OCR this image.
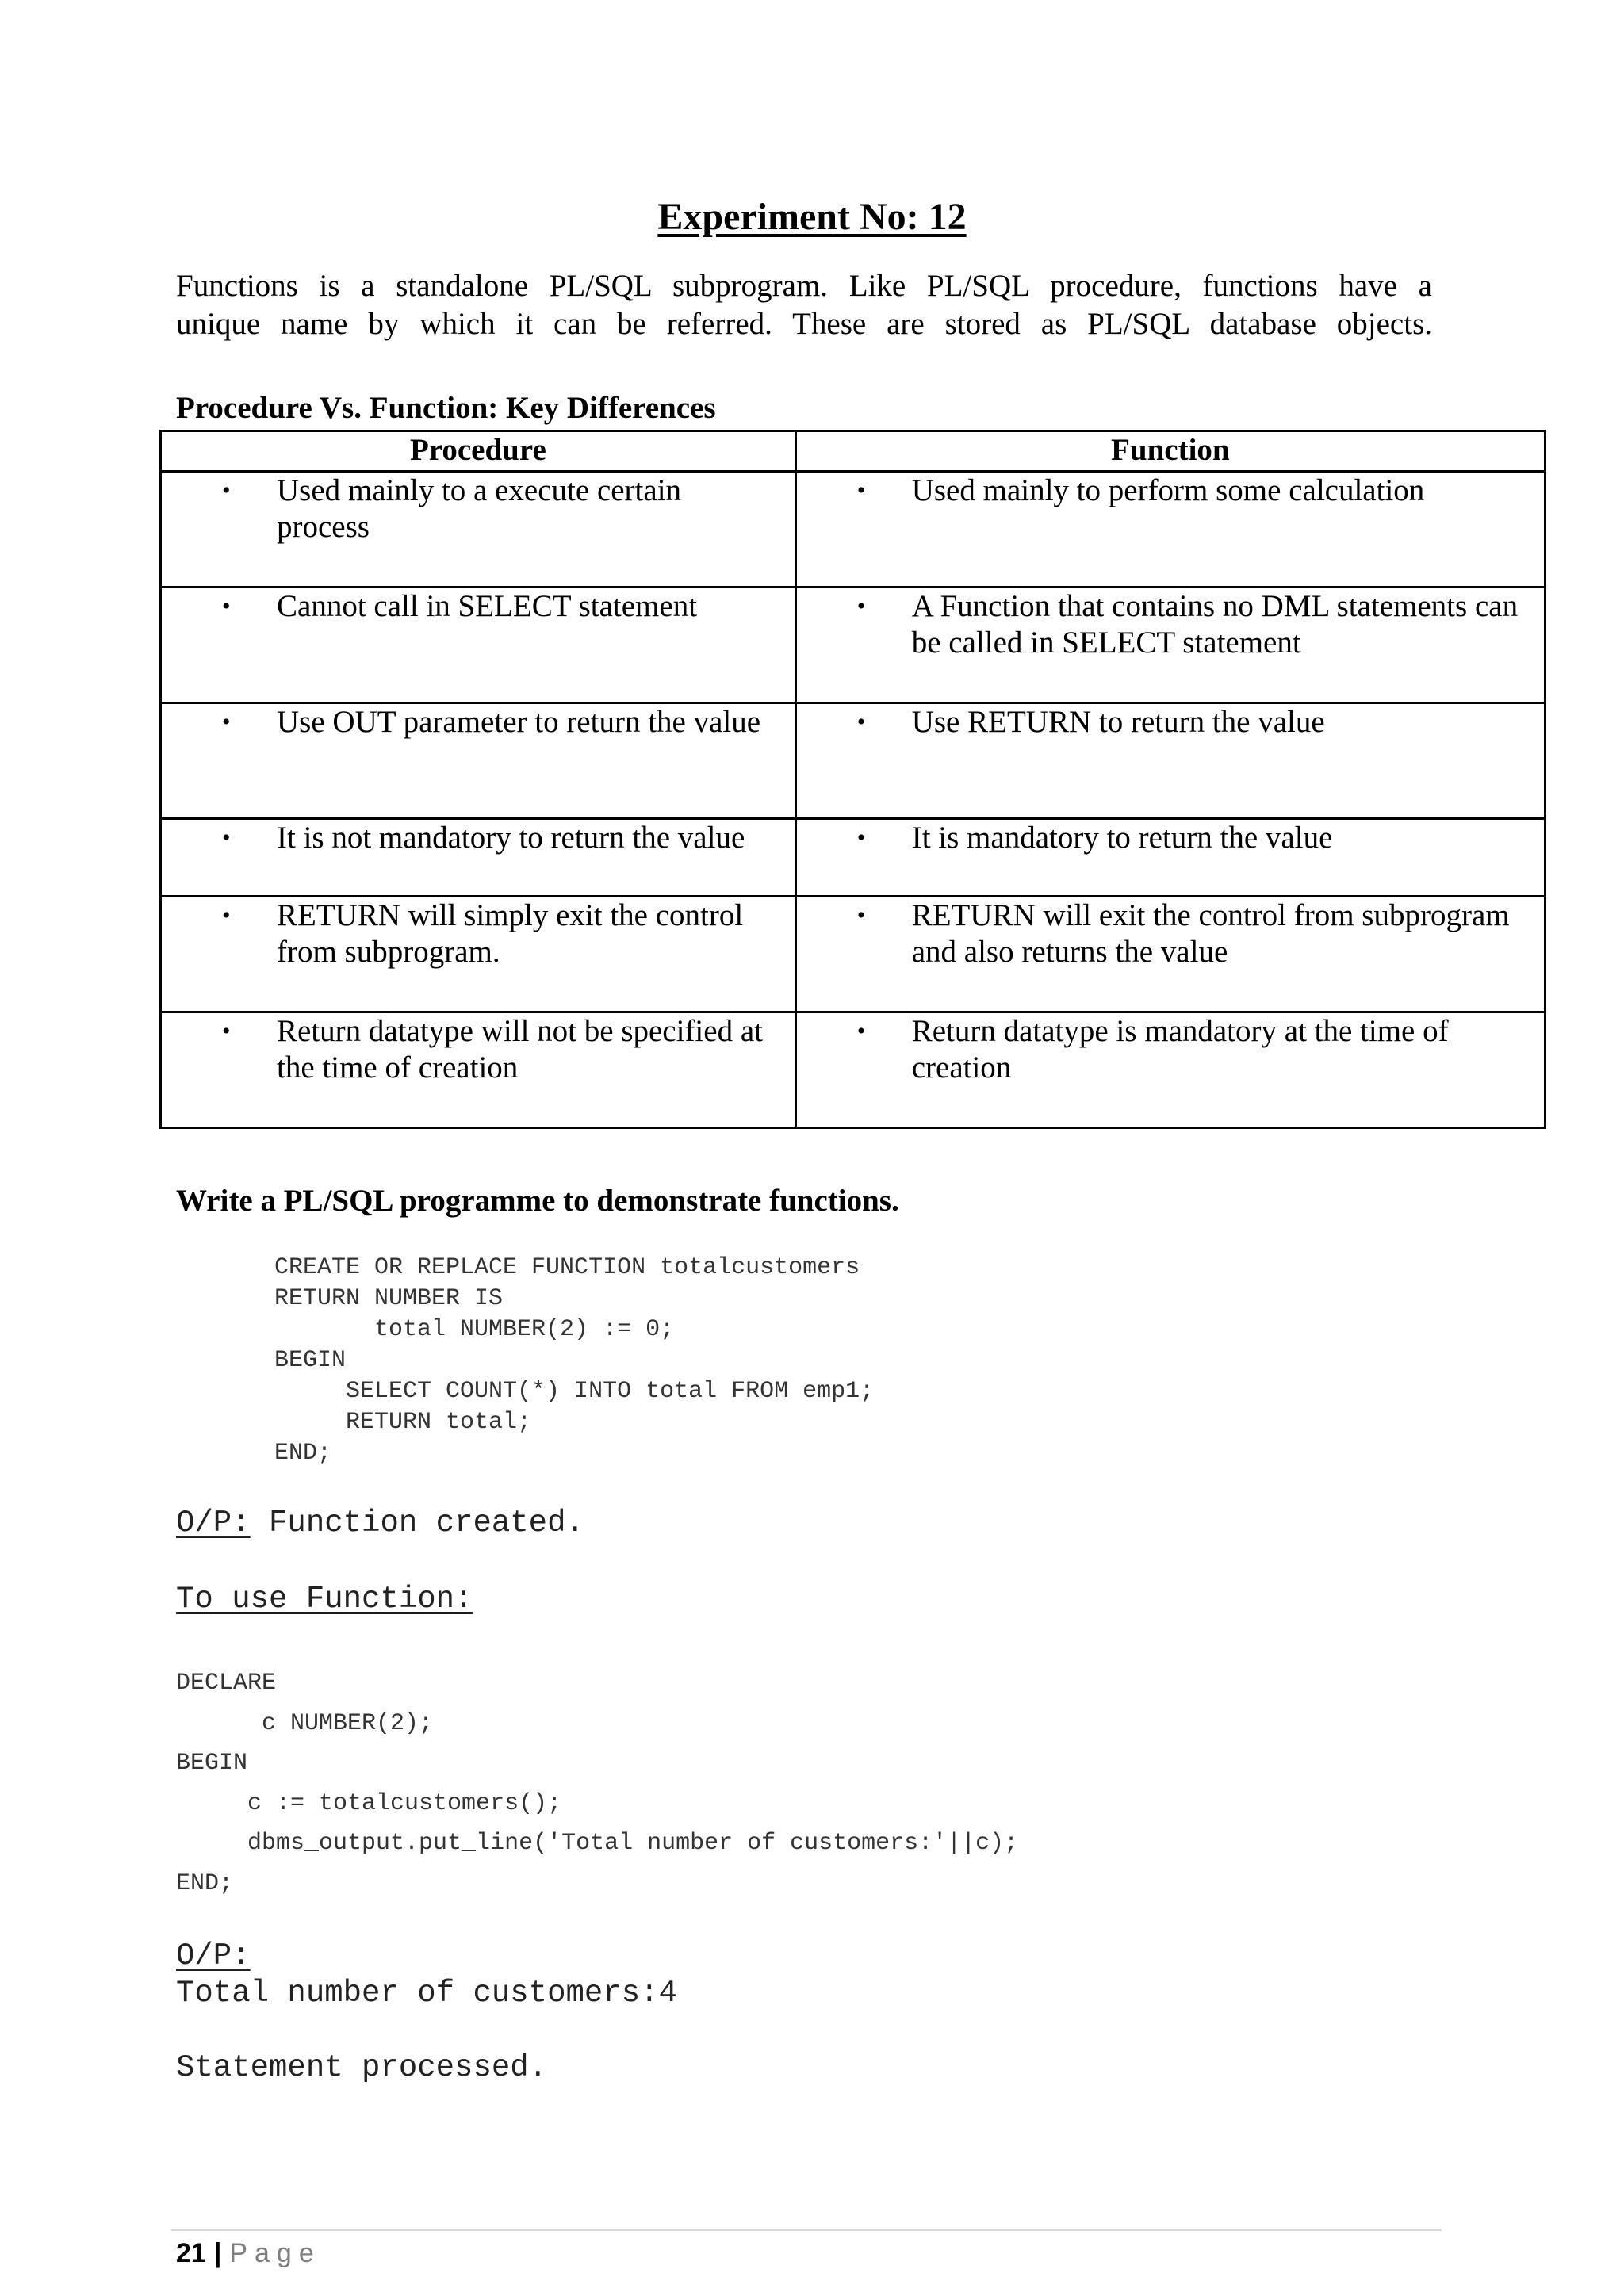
Experiment No: 12

Functions is a standalone PL/SQL subprogram. Like PL/SQL procedure, functions have a

unique name by which it can be referred. These are stored as PL/SQL database objects.

Procedure Vs. Function: Key Differences
Procedure	Function

• Used mainly to a execute certain process	• Used mainly to perform some calculation

• Cannot call in SELECT statement	• A Function that contains no DML statements can be called in SELECT statement

• Use OUT parameter to return the value	• Use RETURN to return the value

• It is not mandatory to return the value	• It is mandatory to return the value

• RETURN will simply exit the control from subprogram.	• RETURN will exit the control from subprogram and also returns the value

• Return datatype will not be specified at the time of creation	• Return datatype is mandatory at the time of creation
Write a PL/SQL programme to demonstrate functions.
CREATE OR REPLACE FUNCTION totalcustomers
RETURN NUMBER IS
total NUMBER(2) := 0;
BEGIN
SELECT COUNT(*) INTO total FROM emp1;
RETURN total;
END;
O/P: Function created.
To use Function:
DECLARE
c NUMBER(2);
BEGIN
c := totalcustomers();
dbms_output.put_line('Total number of customers:'||c);
END;
O/P:
Total number of customers:4

Statement processed.
21 | Page
